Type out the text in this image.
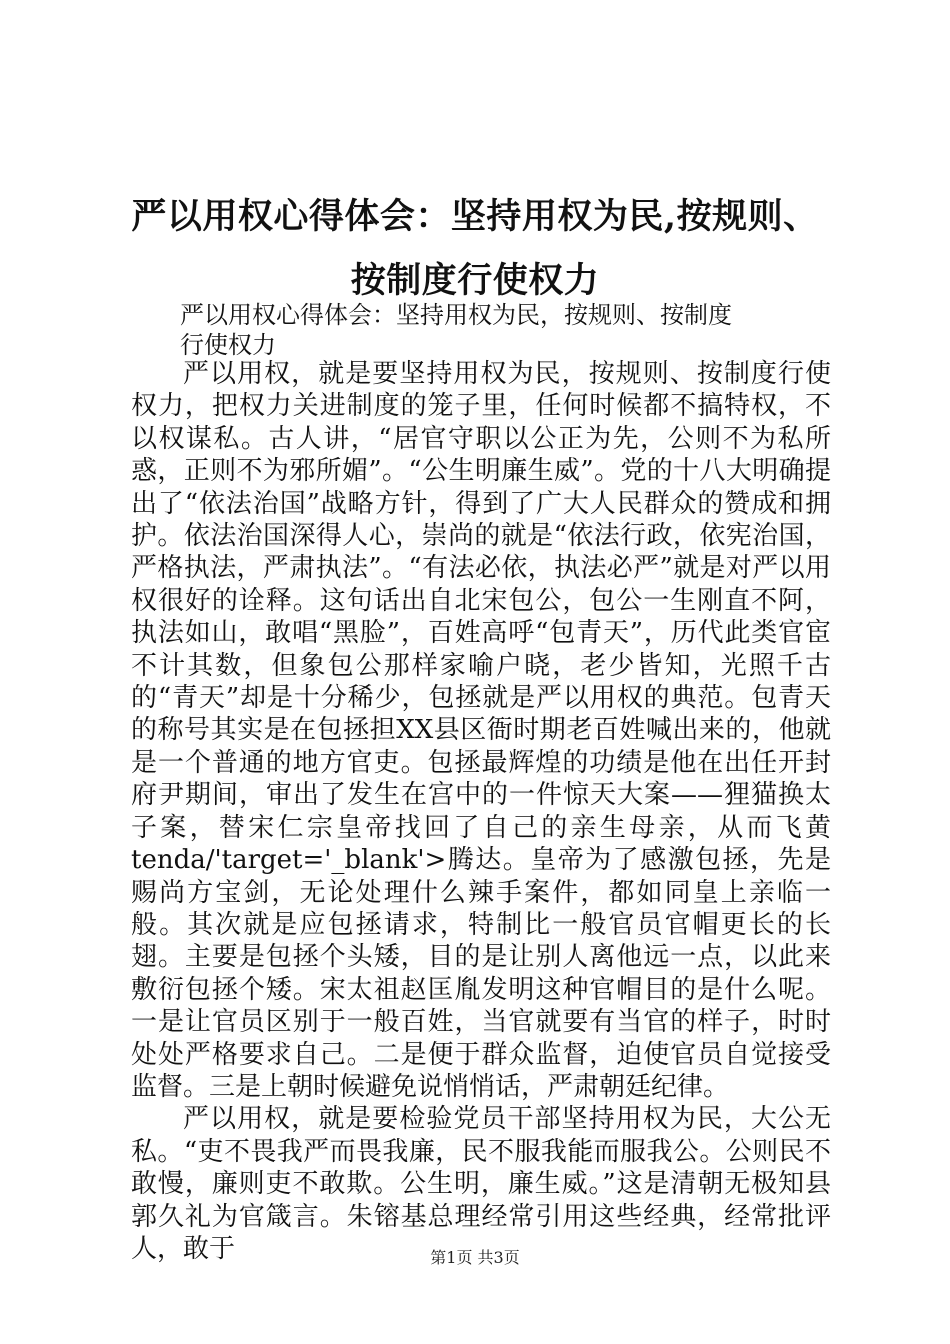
严以用权心得体会：坚持用权为民,按规则、
按制度行使权力
严以用权心得体会：坚持用权为民，按规则、按制度
行使权力

严以用权，就是要坚持用权为民，按规则、按制度行使权力，把权力关进制度的笼子里，任何时候都不搞特权，不以权谋私。古人讲，“居官守职以公正为先，公则不为私所惑，正则不为邪所媚”。“公生明廉生威”。党的十八大明确提出了“依法治国”战略方针，得到了广大人民群众的赞成和拥护。依法治国深得人心，崇尚的就是“依法行政，依宪治国，严格执法，严肃执法”。“有法必依，执法必严”就是对严以用权很好的诠释。这句话出自北宋包公，包公一生刚直不阿，执法如山，敢唱“黑脸”，百姓高呼“包青天”，历代此类官宦不计其数，但象包公那样家喻户晓，老少皆知，光照千古的“青天”却是十分稀少，包拯就是严以用权的典范。包青天的称号其实是在包拯担XX县区衙时期老百姓喊出来的，他就是一个普通的地方官吏。包拯最辉煌的功绩是他在出任开封府尹期间，审出了发生在宫中的一件惊天大案——狸猫换太子案，替宋仁宗皇帝找回了自己的亲生母亲，从而飞黄tenda/'target='_blank'>腾达。皇帝为了感激包拯，先是赐尚方宝剑，无论处理什么辣手案件，都如同皇上亲临一般。其次就是应包拯请求，特制比一般官员官帽更长的长翅。主要是包拯个头矮，目的是让别人离他远一点，以此来敷衍包拯个矮。宋太祖赵匡胤发明这种官帽目的是什么呢。一是让官员区别于一般百姓，当官就要有当官的样子，时时处处严格要求自己。二是便于群众监督，迫使官员自觉接受监督。三是上朝时候避免说悄悄话，严肃朝廷纪律。

严以用权，就是要检验党员干部坚持用权为民，大公无私。“吏不畏我严而畏我廉，民不服我能而服我公。公则民不敢慢，廉则吏不敢欺。公生明，廉生威。”这是清朝无极知县郭久礼为官箴言。朱镕基总理经常引用这些经典，经常批评人，敢于	第1页 共3页
